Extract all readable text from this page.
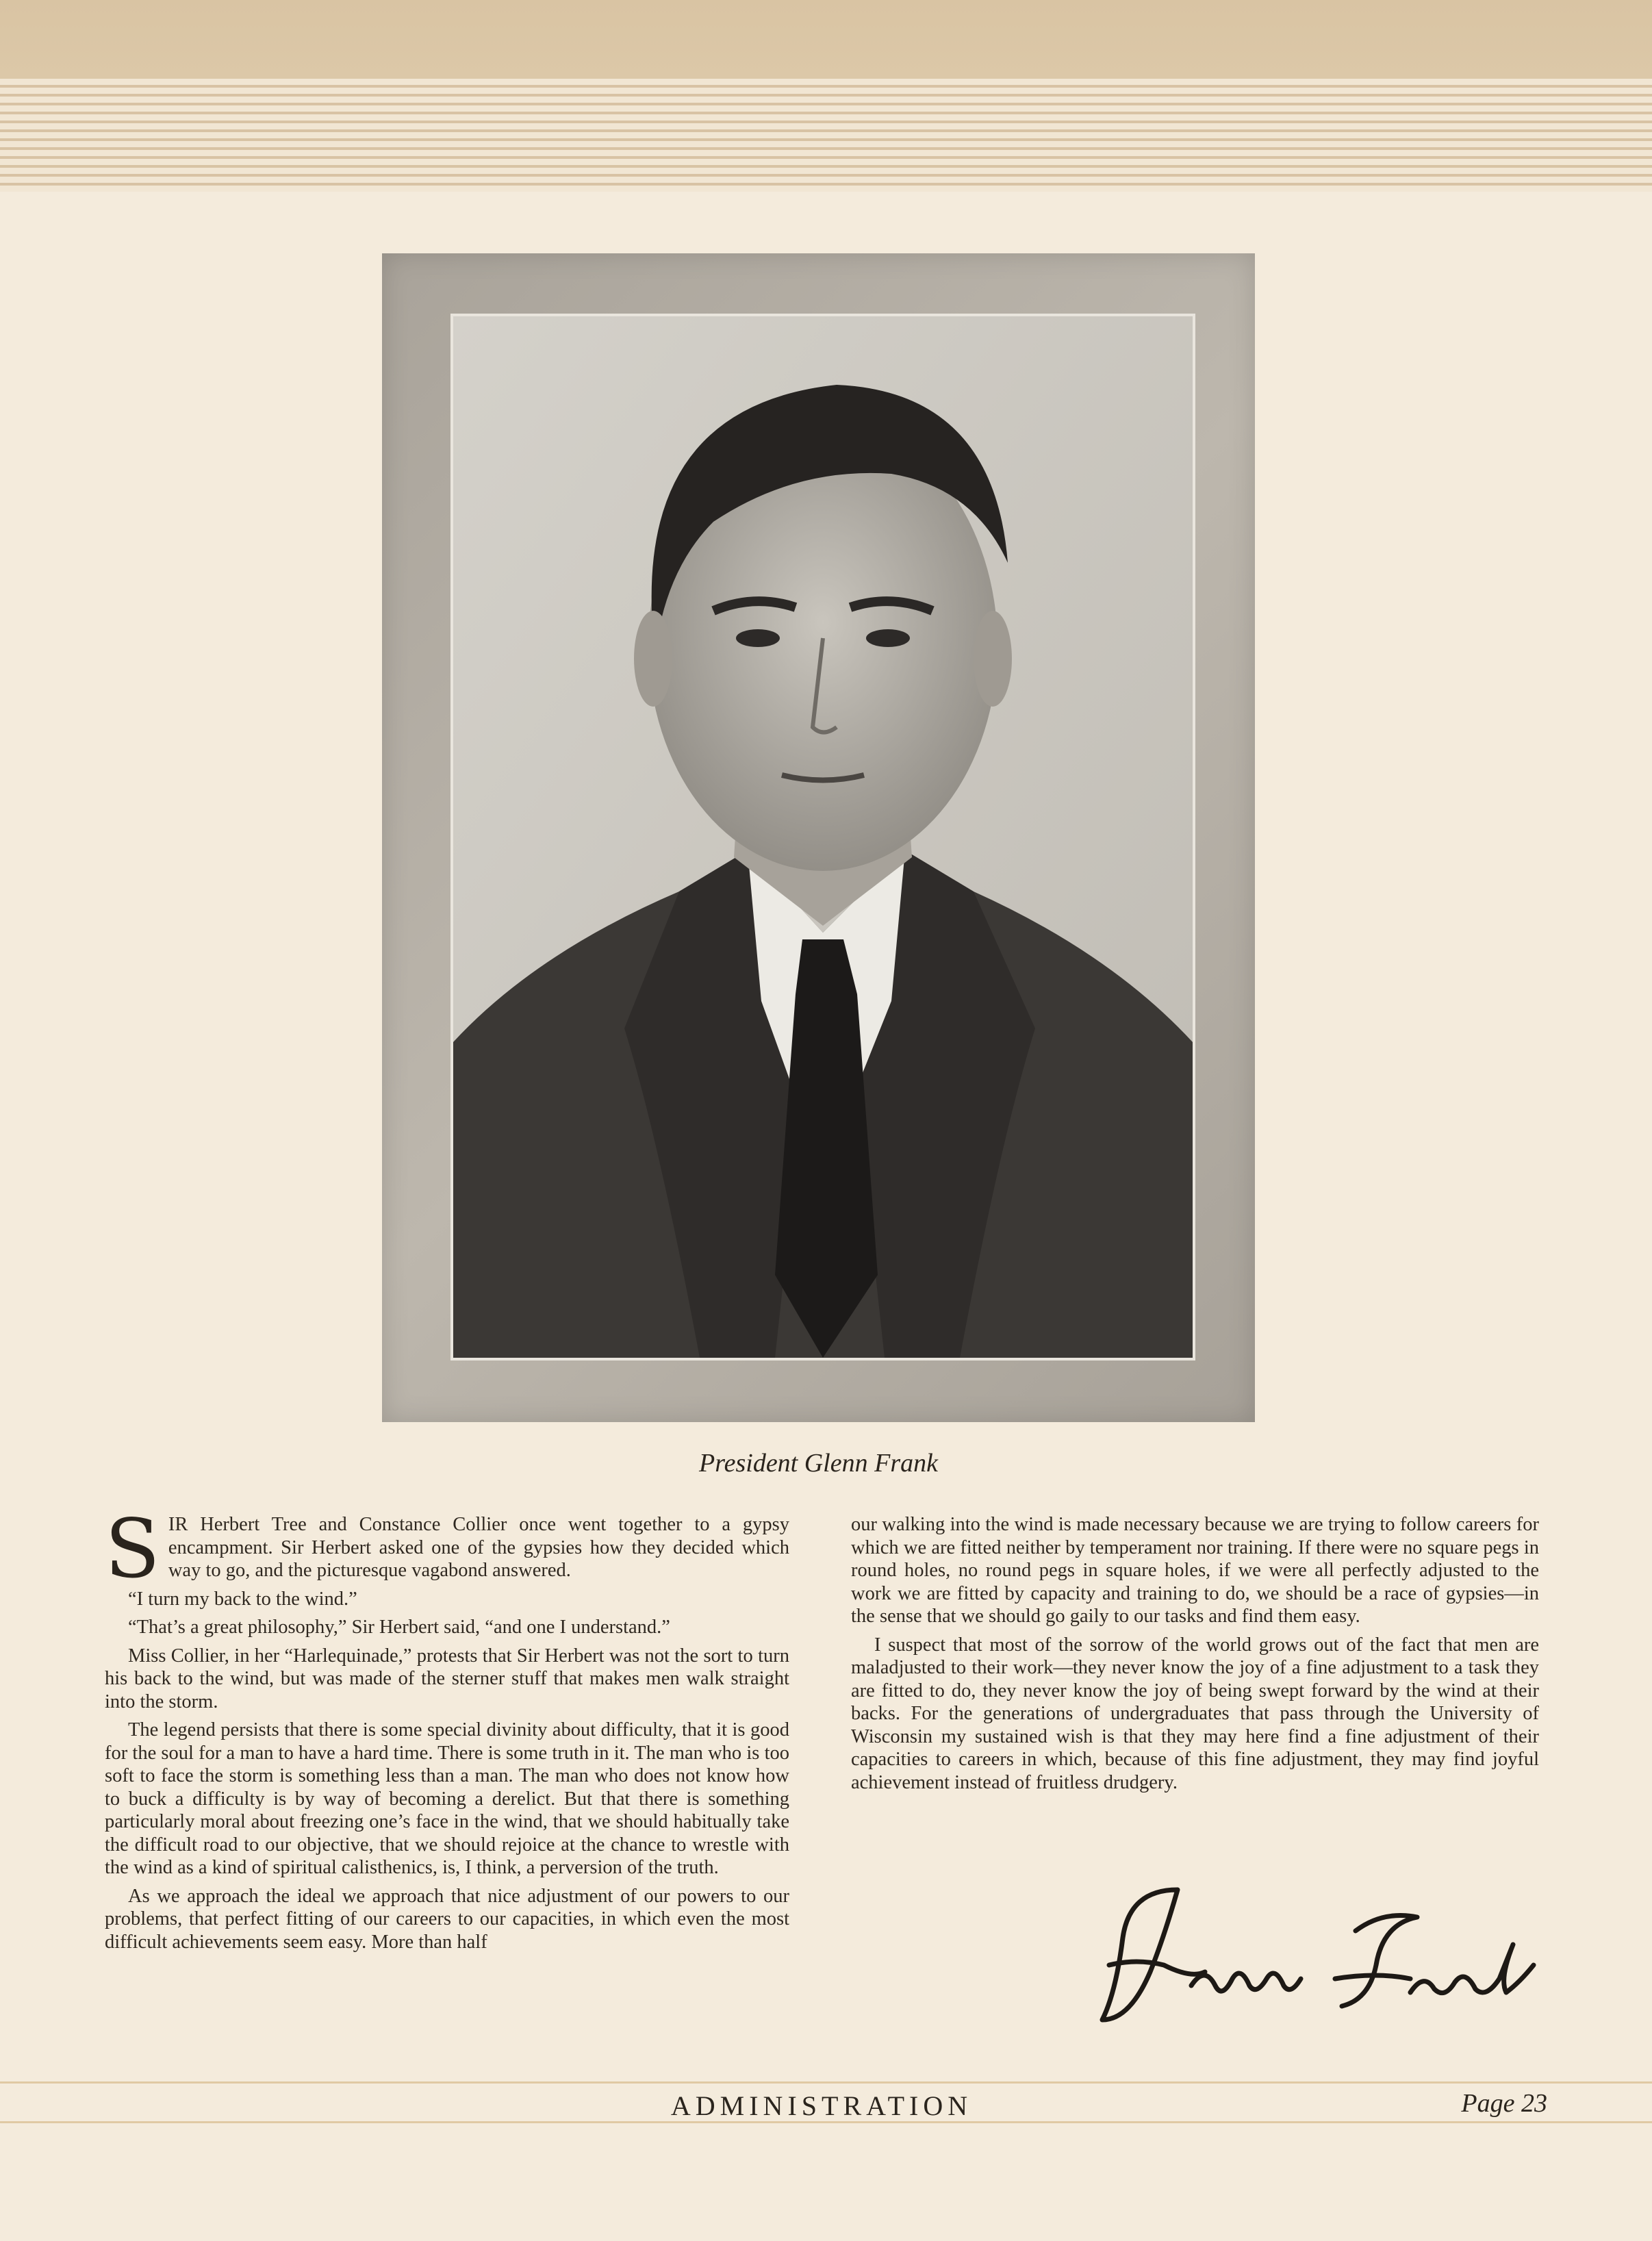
President Glenn Frank

SIR Herbert Tree and Constance Collier once went together to a gypsy encampment. Sir Herbert asked one of the gypsies how they decided which way to go, and the picturesque vagabond answered.

“I turn my back to the wind.”

“That’s a great philosophy,” Sir Herbert said, “and one I understand.”

Miss Collier, in her “Harlequinade,” protests that Sir Herbert was not the sort to turn his back to the wind, but was made of the sterner stuff that makes men walk straight into the storm.

The legend persists that there is some special divinity about difficulty, that it is good for the soul for a man to have a hard time. There is some truth in it. The man who is too soft to face the storm is something less than a man. The man who does not know how to buck a difficulty is by way of becoming a derelict. But that there is something particularly moral about freezing one’s face in the wind, that we should habitually take the difficult road to our objective, that we should rejoice at the chance to wrestle with the wind as a kind of spiritual calisthenics, is, I think, a perversion of the truth.

As we approach the ideal we approach that nice adjustment of our powers to our problems, that perfect fitting of our careers to our capacities, in which even the most difficult achievements seem easy. More than half

our walking into the wind is made necessary because we are trying to follow careers for which we are fitted neither by temperament nor training. If there were no square pegs in round holes, no round pegs in square holes, if we were all perfectly adjusted to the work we are fitted by capacity and training to do, we should be a race of gypsies—in the sense that we should go gaily to our tasks and find them easy.

I suspect that most of the sorrow of the world grows out of the fact that men are maladjusted to their work—they never know the joy of a fine adjustment to a task they are fitted to do, they never know the joy of being swept forward by the wind at their backs. For the generations of undergraduates that pass through the University of Wisconsin my sustained wish is that they may here find a fine adjustment of their capacities to careers in which, because of this fine adjustment, they may find joyful achievement instead of fruitless drudgery.

ADMINISTRATION	Page 23
